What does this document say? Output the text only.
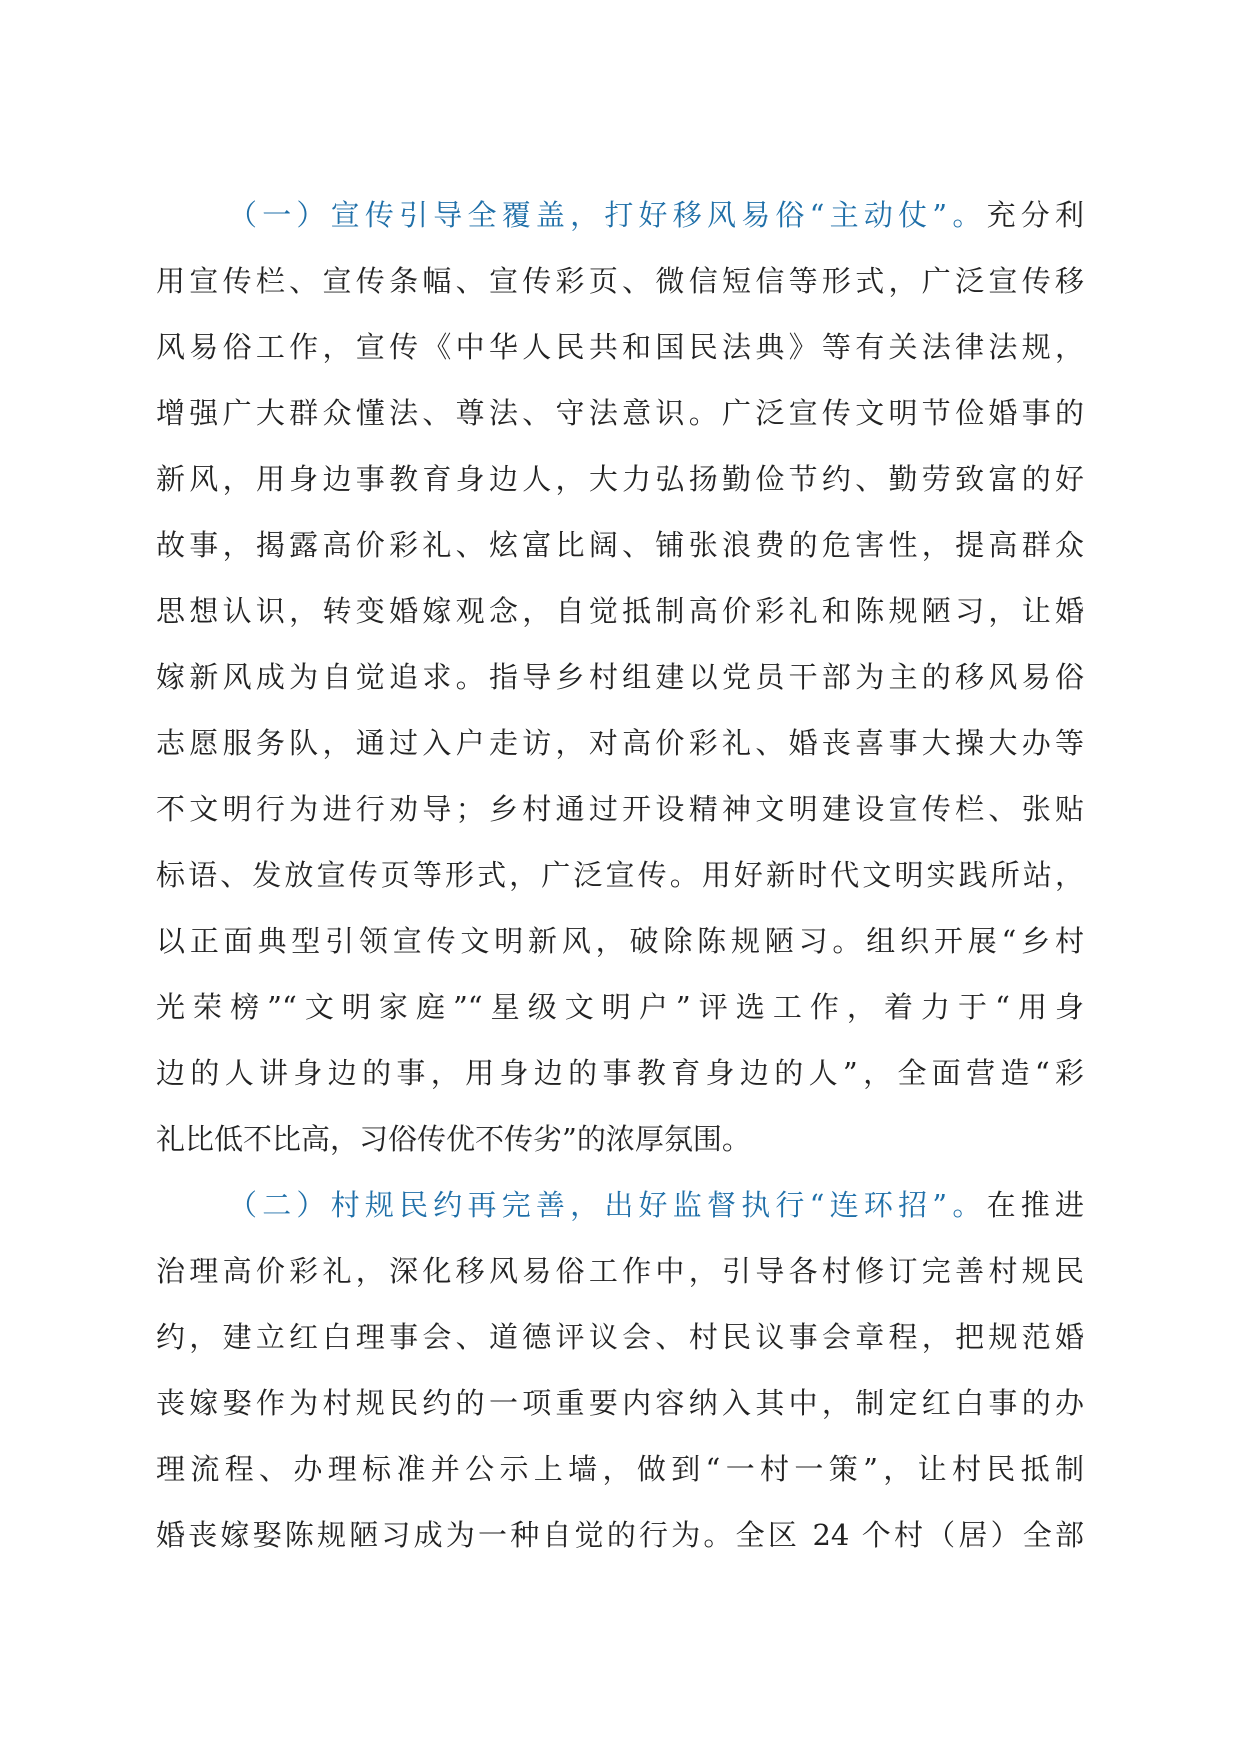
（一）宣传引导全覆盖，打好移风易俗“主动仗”。充分利
用宣传栏、宣传条幅、宣传彩页、微信短信等形式，广泛宣传移
风易俗工作，宣传《中华人民共和国民法典》等有关法律法规，
增强广大群众懂法、尊法、守法意识。广泛宣传文明节俭婚事的
新风，用身边事教育身边人，大力弘扬勤俭节约、勤劳致富的好
故事，揭露高价彩礼、炫富比阔、铺张浪费的危害性，提高群众
思想认识，转变婚嫁观念，自觉抵制高价彩礼和陈规陋习，让婚
嫁新风成为自觉追求。指导乡村组建以党员干部为主的移风易俗
志愿服务队，通过入户走访，对高价彩礼、婚丧喜事大操大办等
不文明行为进行劝导；乡村通过开设精神文明建设宣传栏、张贴
标语、发放宣传页等形式，广泛宣传。用好新时代文明实践所站，
以正面典型引领宣传文明新风，破除陈规陋习。组织开展“乡村
光荣榜”“文明家庭”“星级文明户”评选工作，着力于“用身
边的人讲身边的事，用身边的事教育身边的人”，全面营造“彩
礼比低不比高，习俗传优不传劣”的浓厚氛围。
（二）村规民约再完善，出好监督执行“连环招”。在推进
治理高价彩礼，深化移风易俗工作中，引导各村修订完善村规民
约，建立红白理事会、道德评议会、村民议事会章程，把规范婚
丧嫁娶作为村规民约的一项重要内容纳入其中，制定红白事的办
理流程、办理标准并公示上墙，做到“一村一策”，让村民抵制
婚丧嫁娶陈规陋习成为一种自觉的行为。全区 24 个村（居）全部
